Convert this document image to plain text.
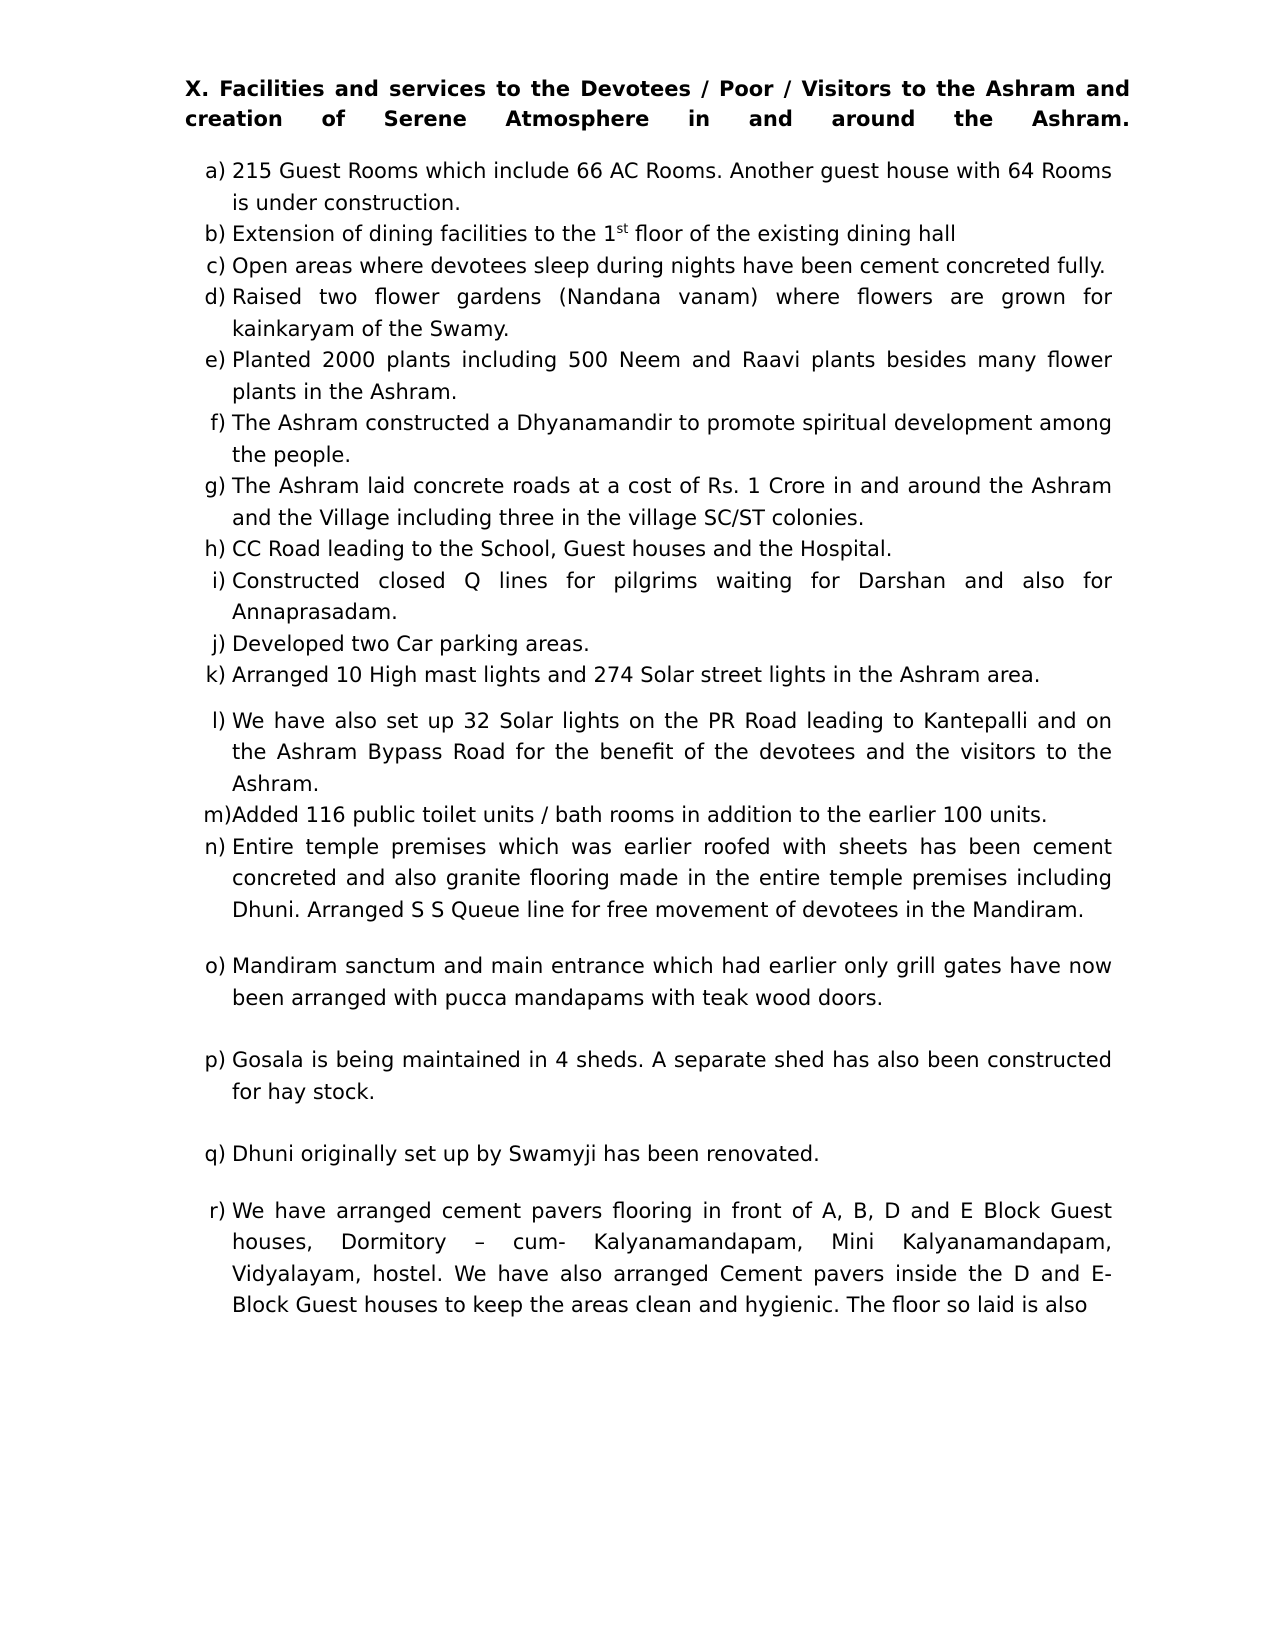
X. Facilities and services to the Devotees / Poor / Visitors to the Ashram and creation of Serene Atmosphere in and around the Ashram.
a) 215 Guest Rooms which include 66 AC Rooms. Another guest house with 64 Rooms is under construction.
b) Extension of dining facilities to the 1st floor of the existing dining hall
c) Open areas where devotees sleep during nights have been cement concreted fully.
d) Raised two flower gardens (Nandana vanam) where flowers are grown for kainkaryam of the Swamy.
e) Planted 2000 plants including 500 Neem and Raavi plants besides many flower plants in the Ashram.
f) The Ashram constructed a Dhyanamandir to promote spiritual development among the people.
g) The Ashram laid concrete roads at a cost of Rs. 1 Crore in and around the Ashram and the Village including three in the village SC/ST colonies.
h) CC Road leading to the School, Guest houses and the Hospital.
i) Constructed closed Q lines for pilgrims waiting for Darshan and also for Annaprasadam.
j) Developed two Car parking areas.
k) Arranged 10 High mast lights and 274 Solar street lights in the Ashram area.
l) We have also set up 32 Solar lights on the PR Road leading to Kantepalli and on the Ashram Bypass Road for the benefit of the devotees and the visitors to the Ashram.
m) Added 116 public toilet units / bath rooms in addition to the earlier 100 units.
n) Entire temple premises which was earlier roofed with sheets has been cement concreted and also granite flooring made in the entire temple premises including Dhuni. Arranged S S Queue line for free movement of devotees in the Mandiram.
o) Mandiram sanctum and main entrance which had earlier only grill gates have now been arranged with pucca mandapams with teak wood doors.
p) Gosala is being maintained in 4 sheds. A separate shed has also been constructed for hay stock.
q) Dhuni originally set up by Swamyji has been renovated.
r) We have arranged cement pavers flooring in front of A, B, D and E Block Guest houses, Dormitory – cum- Kalyanamandapam, Mini Kalyanamandapam, Vidyalayam, hostel. We have also arranged Cement pavers inside the D and E- Block Guest houses to keep the areas clean and hygienic. The floor so laid is also
